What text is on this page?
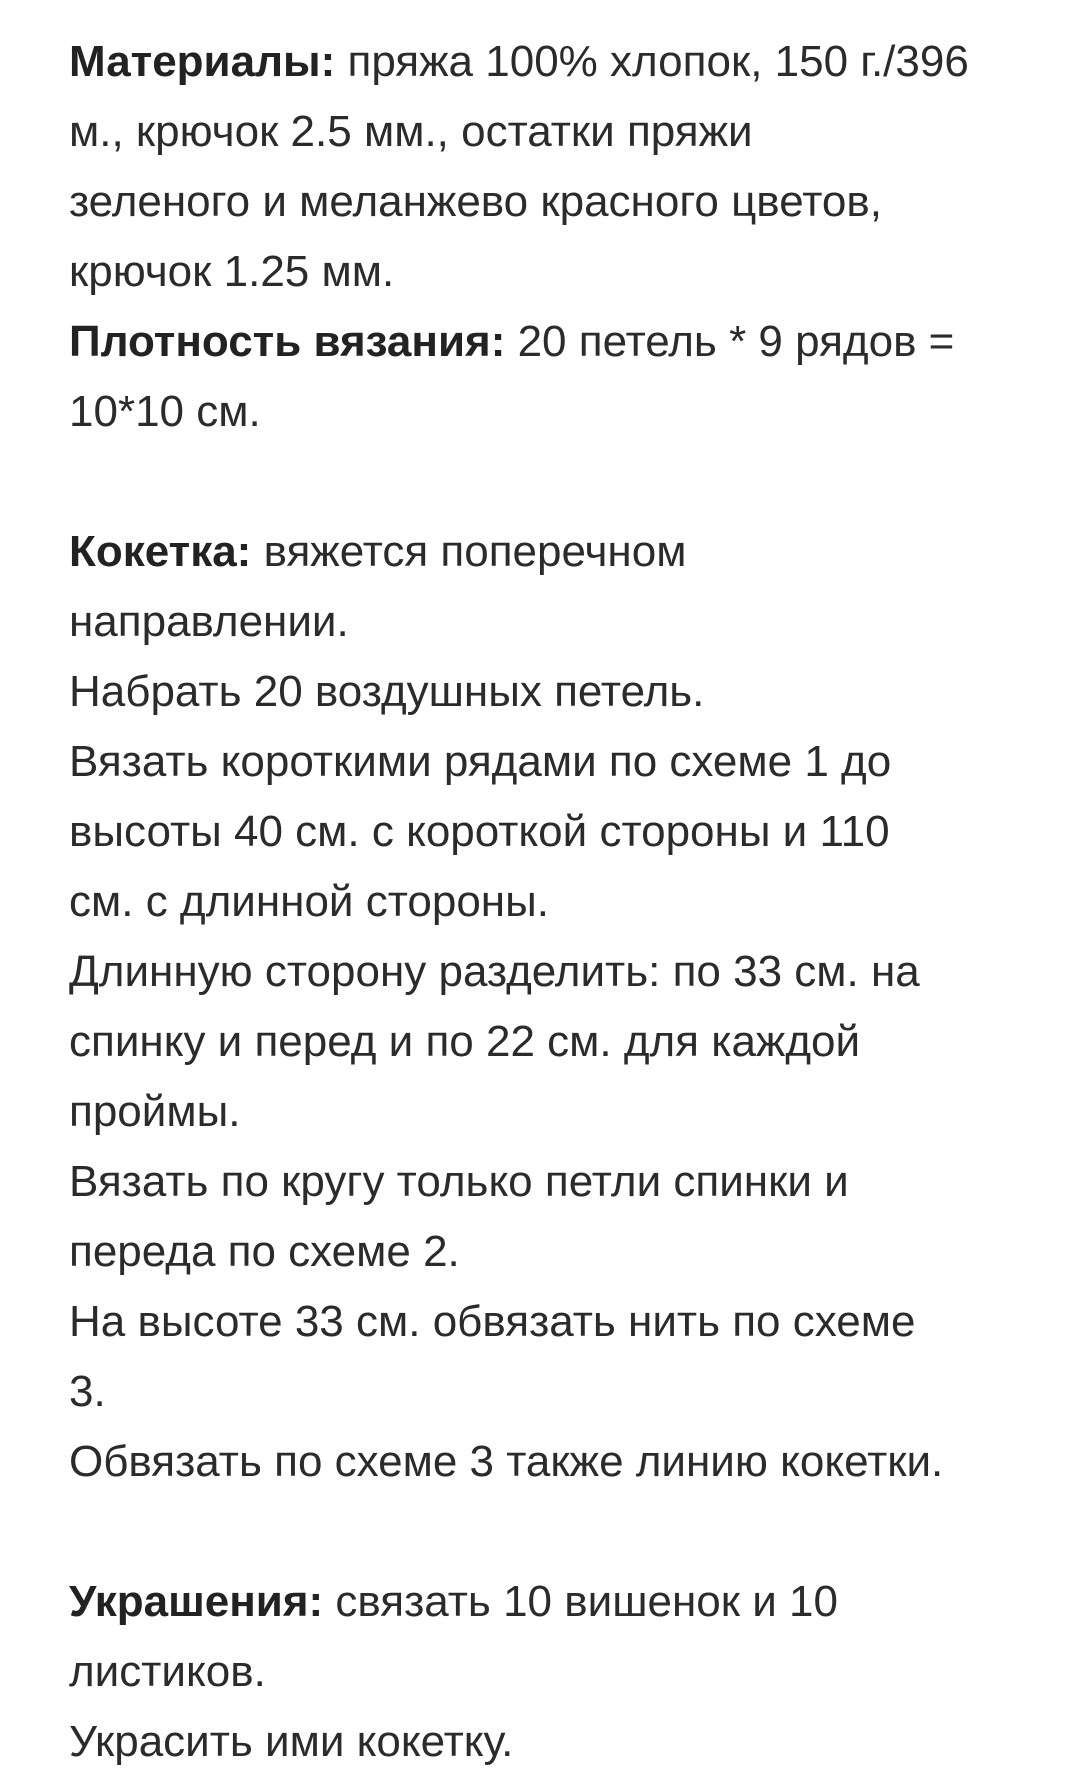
Материалы: пряжа 100% хлопок, 150 г./396
м., крючок 2.5 мм., остатки пряжи
зеленого и меланжево красного цветов,
крючок 1.25 мм.
Плотность вязания: 20 петель * 9 рядов =
10*10 см.
Кокетка: вяжется поперечном
направлении.
Набрать 20 воздушных петель.
Вязать короткими рядами по схеме 1 до
высоты 40 см. с короткой стороны и 110
см. с длинной стороны.
Длинную сторону разделить: по 33 см. на
спинку и перед и по 22 см. для каждой
проймы.
Вязать по кругу только петли спинки и
переда по схеме 2.
На высоте 33 см. обвязать нить по схеме
3.
Обвязать по схеме 3 также линию кокетки.
Украшения: связать 10 вишенок и 10
листиков.
Украсить ими кокетку.
